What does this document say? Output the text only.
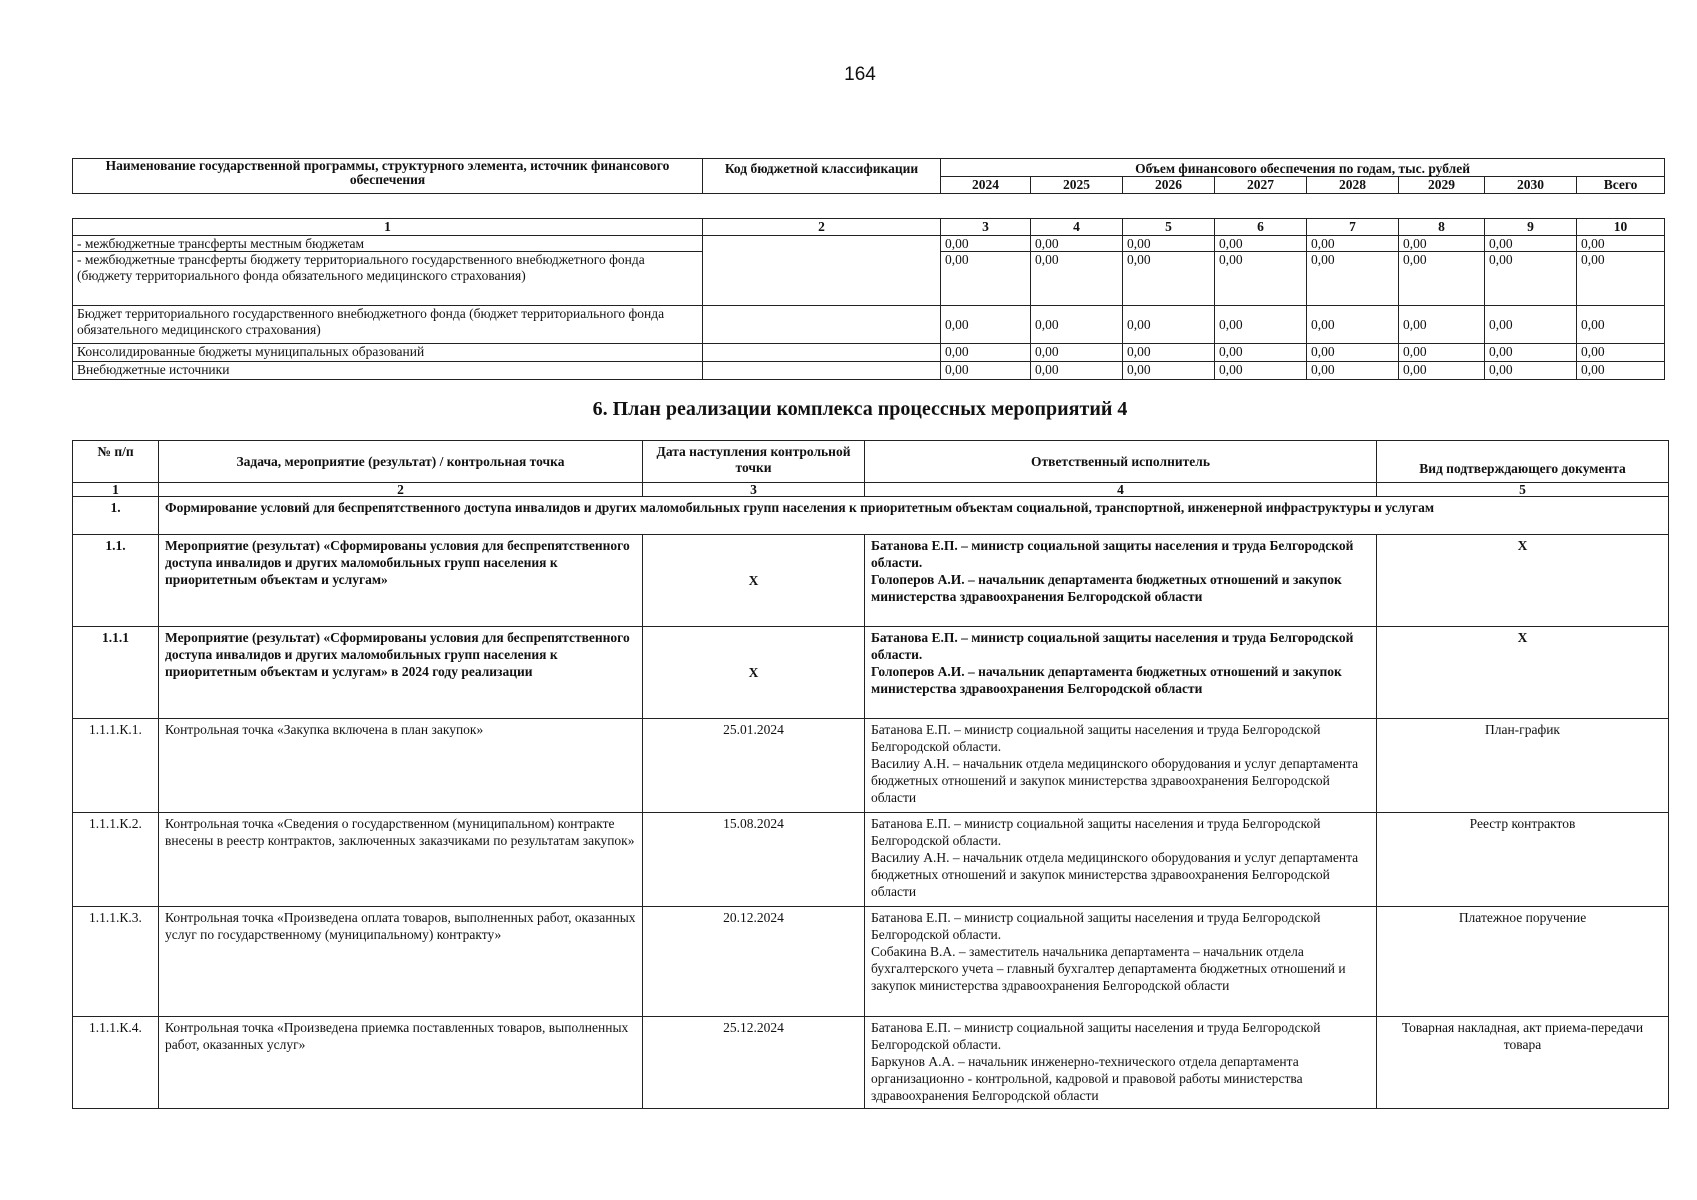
164
Наименование государственной программы, структурного элемента, источник финансового обеспечения	Код бюджетной классификации	Объем финансового обеспечения по годам, тыс. рублей							
		2024	2025	2026	2027	2028	2029	2030	Всего
1	2	3	4	5	6	7	8	9	10
- межбюджетные трансферты местным бюджетам		0,00	0,00	0,00	0,00	0,00	0,00	0,00	0,00
- межбюджетные трансферты бюджету территориального государственного внебюджетного фонда (бюджету территориального фонда обязательного медицинского страхования)		0,00	0,00	0,00	0,00	0,00	0,00	0,00	0,00
Бюджет территориального государственного внебюджетного фонда (бюджет территориального фонда обязательного медицинского страхования)		0,00	0,00	0,00	0,00	0,00	0,00	0,00	0,00
Консолидированные бюджеты муниципальных образований		0,00	0,00	0,00	0,00	0,00	0,00	0,00	0,00
Внебюджетные источники		0,00	0,00	0,00	0,00	0,00	0,00	0,00	0,00
6. План реализации комплекса процессных мероприятий 4
№ п/п	Задача, мероприятие (результат) / контрольная точка	Дата наступления контрольной точки	Ответственный исполнитель	Вид подтверждающего документа
1	2	3	4	5
1.	Формирование условий для беспрепятственного доступа инвалидов и других маломобильных групп населения к приоритетным объектам социальной, транспортной, инженерной инфраструктуры и услугам			
1.1.	Мероприятие (результат) «Сформированы условия для беспрепятственного доступа инвалидов и других маломобильных групп населения к приоритетным объектам и услугам»	Х	Батанова Е.П. – министр социальной защиты населения и труда Белгородской области.
Голоперов А.И. – начальник департамента бюджетных отношений и закупок министерства здравоохранения Белгородской области	Х
1.1.1	Мероприятие (результат) «Сформированы условия для беспрепятственного доступа инвалидов и других маломобильных групп населения к приоритетным объектам и услугам» в 2024 году реализации	Х	Батанова Е.П. – министр социальной защиты населения и труда Белгородской области.
Голоперов А.И. – начальник департамента бюджетных отношений и закупок министерства здравоохранения Белгородской области	Х
1.1.1.К.1.	Контрольная точка «Закупка включена в план закупок»	25.01.2024	Батанова Е.П. – министр социальной защиты населения и труда Белгородской Белгородской области.
Василиу А.Н. – начальник отдела медицинского оборудования и услуг департамента бюджетных отношений и закупок министерства здравоохранения Белгородской области	План-график
1.1.1.К.2.	Контрольная точка «Сведения о государственном (муниципальном) контракте внесены в реестр контрактов, заключенных заказчиками по результатам закупок»	15.08.2024	Батанова Е.П. – министр социальной защиты населения и труда Белгородской Белгородской области.
Василиу А.Н. – начальник отдела медицинского оборудования и услуг департамента бюджетных отношений и закупок министерства здравоохранения Белгородской области	Реестр контрактов
1.1.1.К.3.	Контрольная точка «Произведена оплата товаров, выполненных работ, оказанных услуг по государственному (муниципальному) контракту»	20.12.2024	Батанова Е.П. – министр социальной защиты населения и труда Белгородской Белгородской области.
Собакина В.А. – заместитель начальника департамента – начальник отдела бухгалтерского учета – главный бухгалтер департамента бюджетных отношений и закупок министерства здравоохранения Белгородской области	Платежное поручение
1.1.1.К.4.	Контрольная точка «Произведена приемка поставленных товаров, выполненных работ, оказанных услуг»	25.12.2024	Батанова Е.П. – министр социальной защиты населения и труда Белгородской Белгородской области.
Баркунов А.А. – начальник инженерно-технического отдела департамента организационно - контрольной, кадровой и правовой работы министерства здравоохранения Белгородской области	Товарная накладная, акт приема-передачи товара
